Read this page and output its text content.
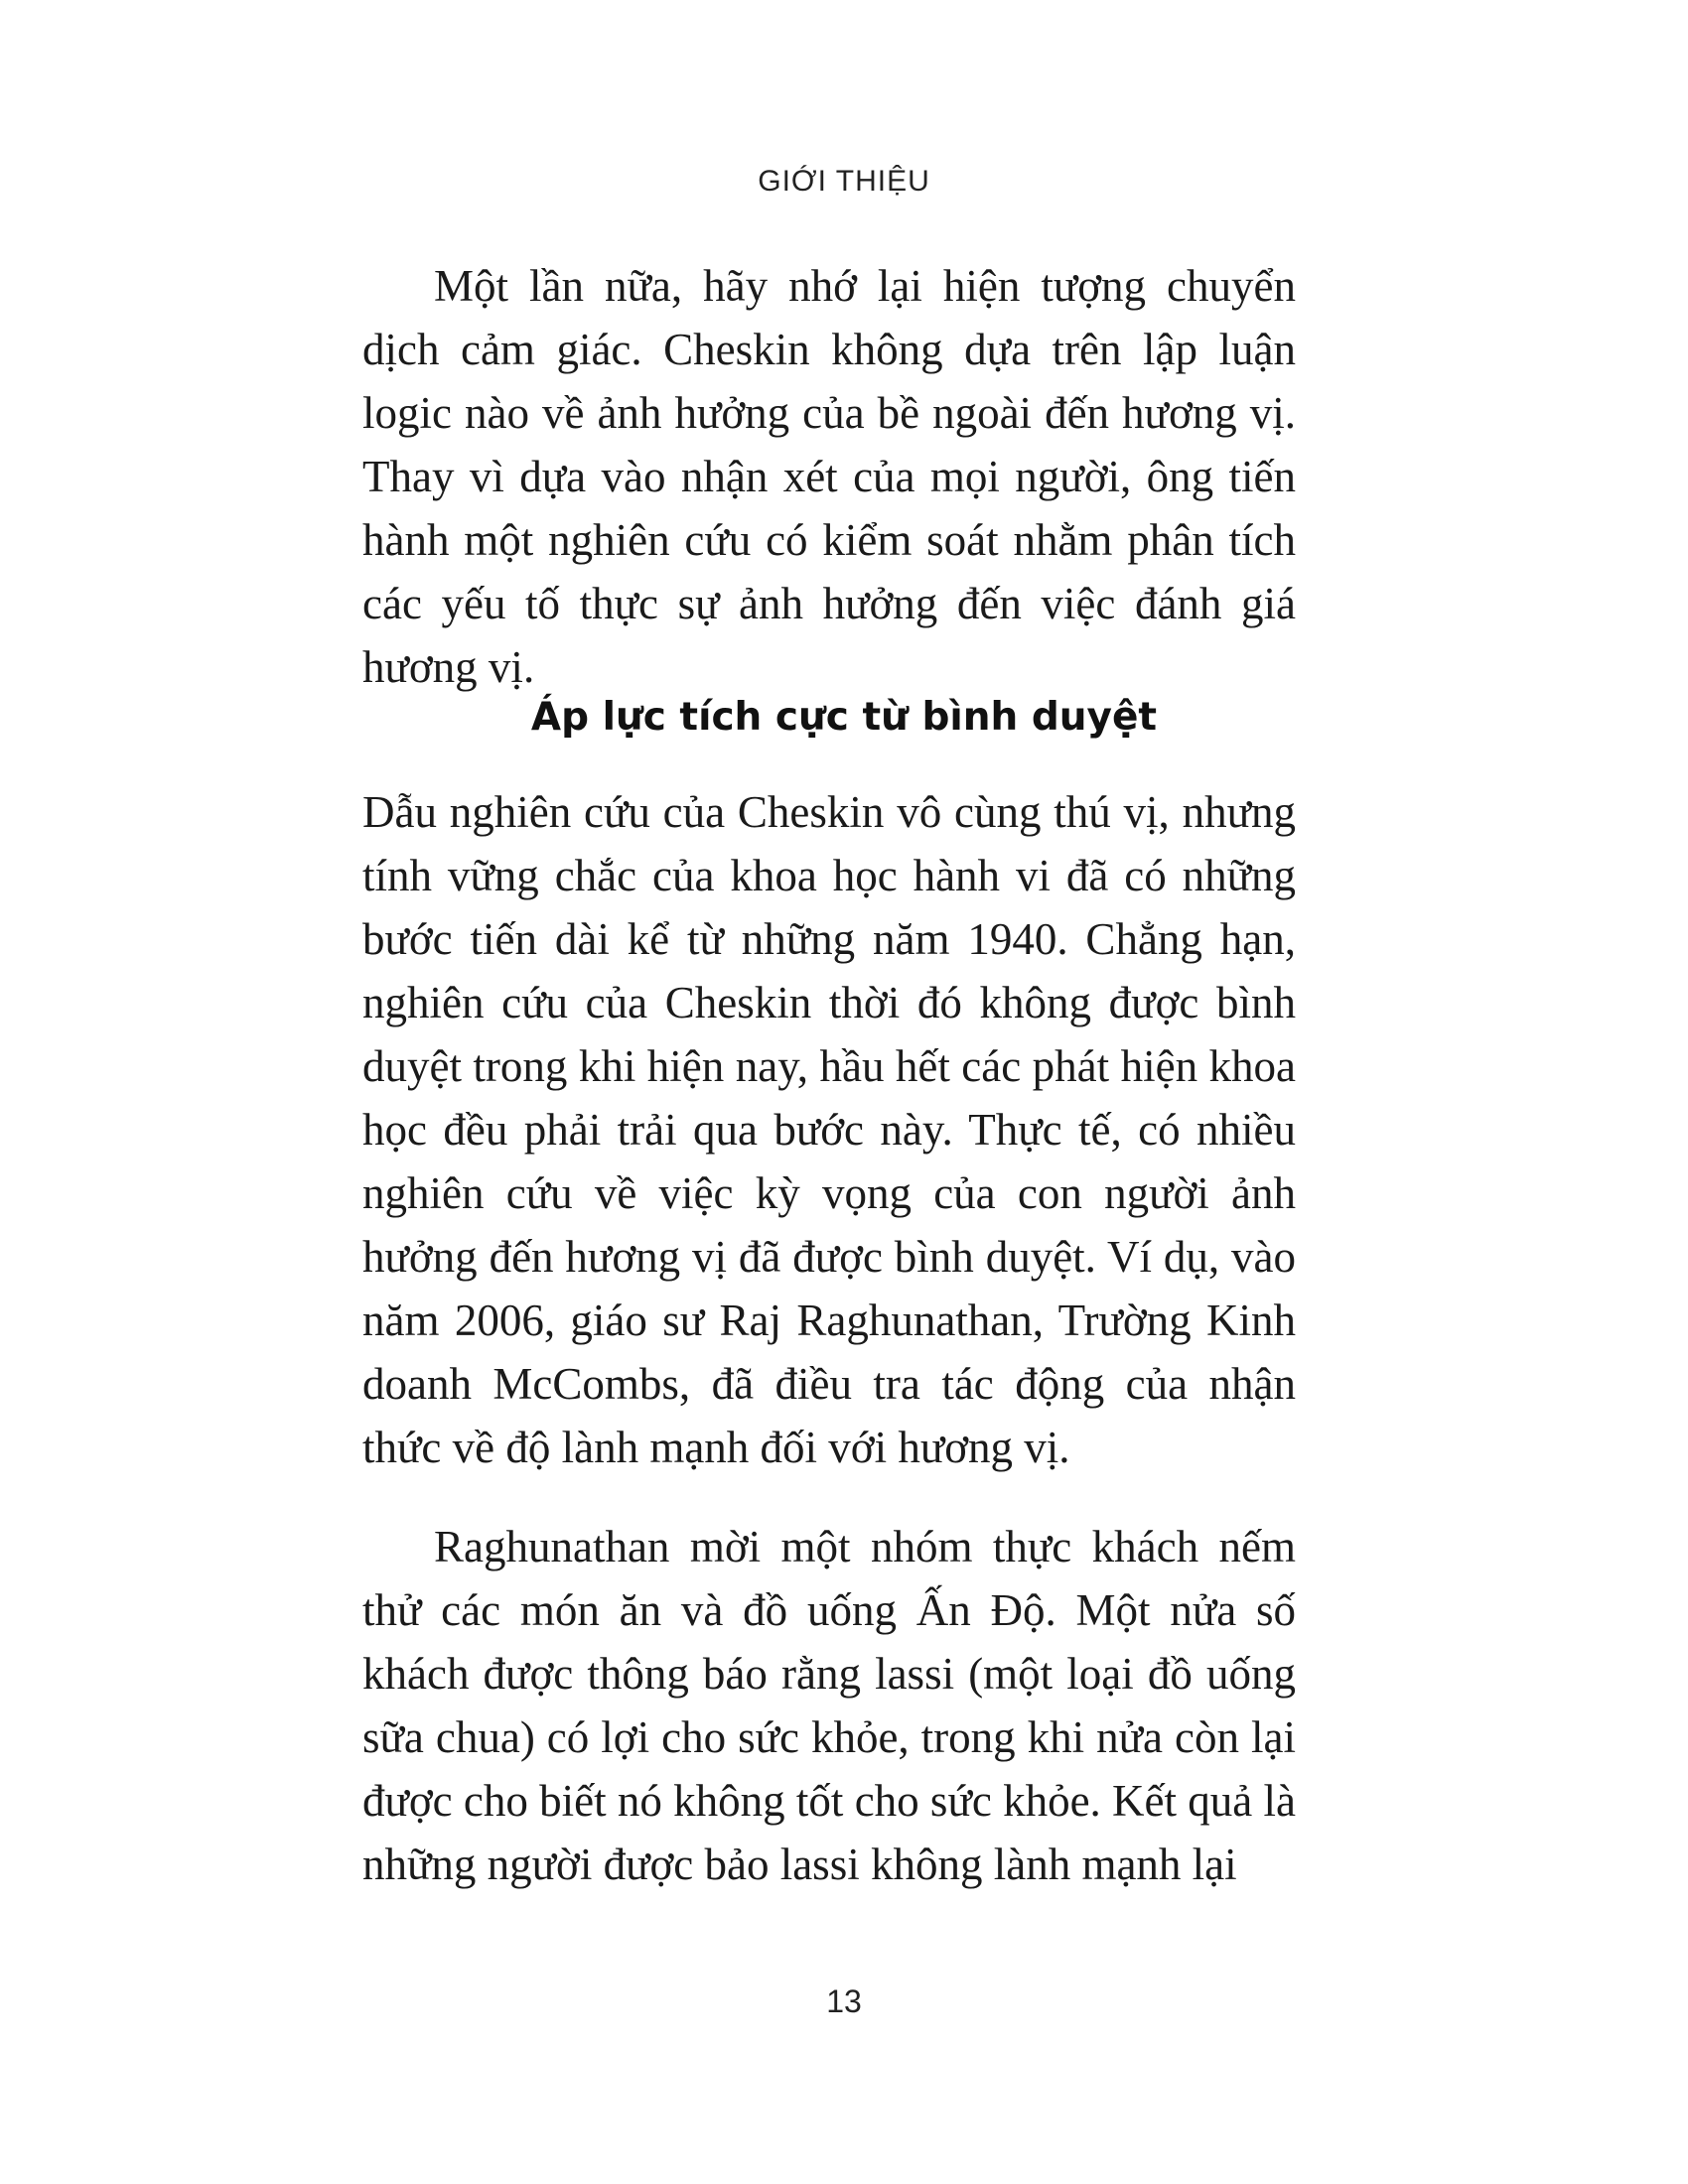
GIỚI THIỆU

Một lần nữa, hãy nhớ lại hiện tượng chuyển dịch cảm giác. Cheskin không dựa trên lập luận logic nào về ảnh hưởng của bề ngoài đến hương vị. Thay vì dựa vào nhận xét của mọi người, ông tiến hành một nghiên cứu có kiểm soát nhằm phân tích các yếu tố thực sự ảnh hưởng đến việc đánh giá hương vị.

Áp lực tích cực từ bình duyệt

Dẫu nghiên cứu của Cheskin vô cùng thú vị, nhưng tính vững chắc của khoa học hành vi đã có những bước tiến dài kể từ những năm 1940. Chẳng hạn, nghiên cứu của Cheskin thời đó không được bình duyệt trong khi hiện nay, hầu hết các phát hiện khoa học đều phải trải qua bước này. Thực tế, có nhiều nghiên cứu về việc kỳ vọng của con người ảnh hưởng đến hương vị đã được bình duyệt. Ví dụ, vào năm 2006, giáo sư Raj Raghunathan, Trường Kinh doanh McCombs, đã điều tra tác động của nhận thức về độ lành mạnh đối với hương vị.

Raghunathan mời một nhóm thực khách nếm thử các món ăn và đồ uống Ấn Độ. Một nửa số khách được thông báo rằng lassi (một loại đồ uống sữa chua) có lợi cho sức khỏe, trong khi nửa còn lại được cho biết nó không tốt cho sức khỏe. Kết quả là những người được bảo lassi không lành mạnh lại

13
